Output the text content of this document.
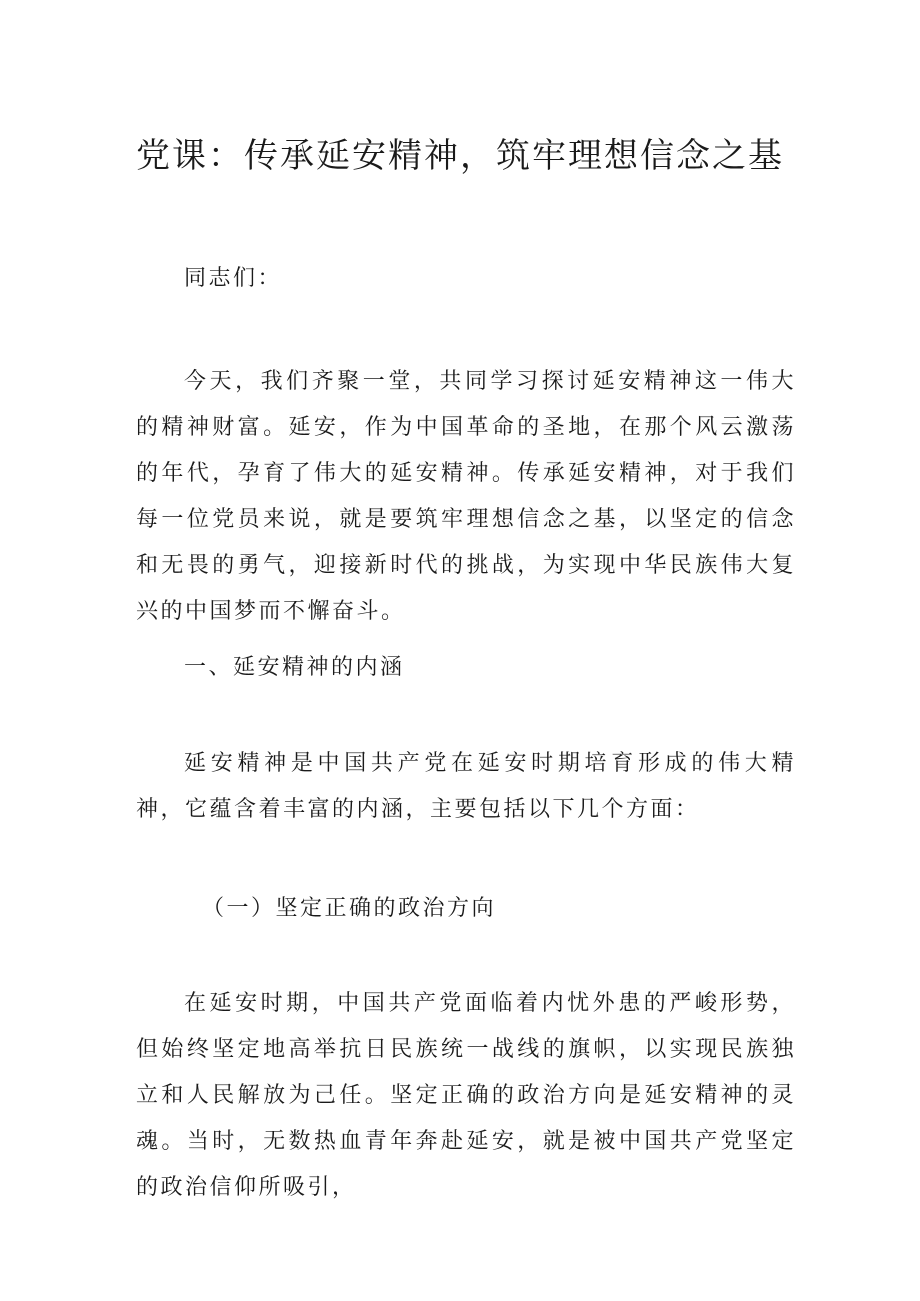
党课：传承延安精神，筑牢理想信念之基

同志们：

今天，我们齐聚一堂，共同学习探讨延安精神这一伟大的精神财富。延安，作为中国革命的圣地，在那个风云激荡的年代，孕育了伟大的延安精神。传承延安精神，对于我们每一位党员来说，就是要筑牢理想信念之基，以坚定的信念和无畏的勇气，迎接新时代的挑战，为实现中华民族伟大复兴的中国梦而不懈奋斗。

一、延安精神的内涵

延安精神是中国共产党在延安时期培育形成的伟大精神，它蕴含着丰富的内涵，主要包括以下几个方面：

（一）坚定正确的政治方向

在延安时期，中国共产党面临着内忧外患的严峻形势，但始终坚定地高举抗日民族统一战线的旗帜，以实现民族独立和人民解放为己任。坚定正确的政治方向是延安精神的灵魂。当时，无数热血青年奔赴延安，就是被中国共产党坚定的政治信仰所吸引，
